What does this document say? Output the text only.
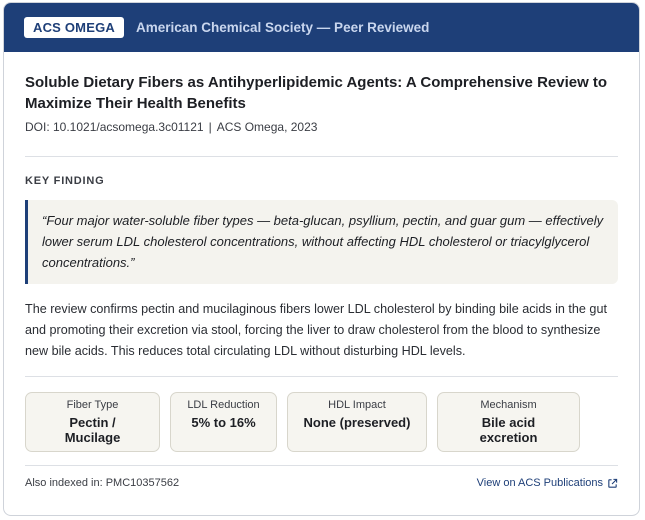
ACS OMEGA	American Chemical Society — Peer Reviewed
Soluble Dietary Fibers as Antihyperlipidemic Agents: A Comprehensive Review to Maximize Their Health Benefits
DOI: 10.1021/acsomega.3c01121 | ACS Omega, 2023
KEY FINDING
“Four major water-soluble fiber types — beta-glucan, psyllium, pectin, and guar gum — effectively lower serum LDL cholesterol concentrations, without affecting HDL cholesterol or triacylglycerol concentrations.”
The review confirms pectin and mucilaginous fibers lower LDL cholesterol by binding bile acids in the gut and promoting their excretion via stool, forcing the liver to draw cholesterol from the blood to synthesize new bile acids. This reduces total circulating LDL without disturbing HDL levels.
Fiber Type
Pectin / Mucilage
LDL Reduction
5% to 16%
HDL Impact
None (preserved)
Mechanism
Bile acid excretion
Also indexed in: PMC10357562	View on ACS Publications
